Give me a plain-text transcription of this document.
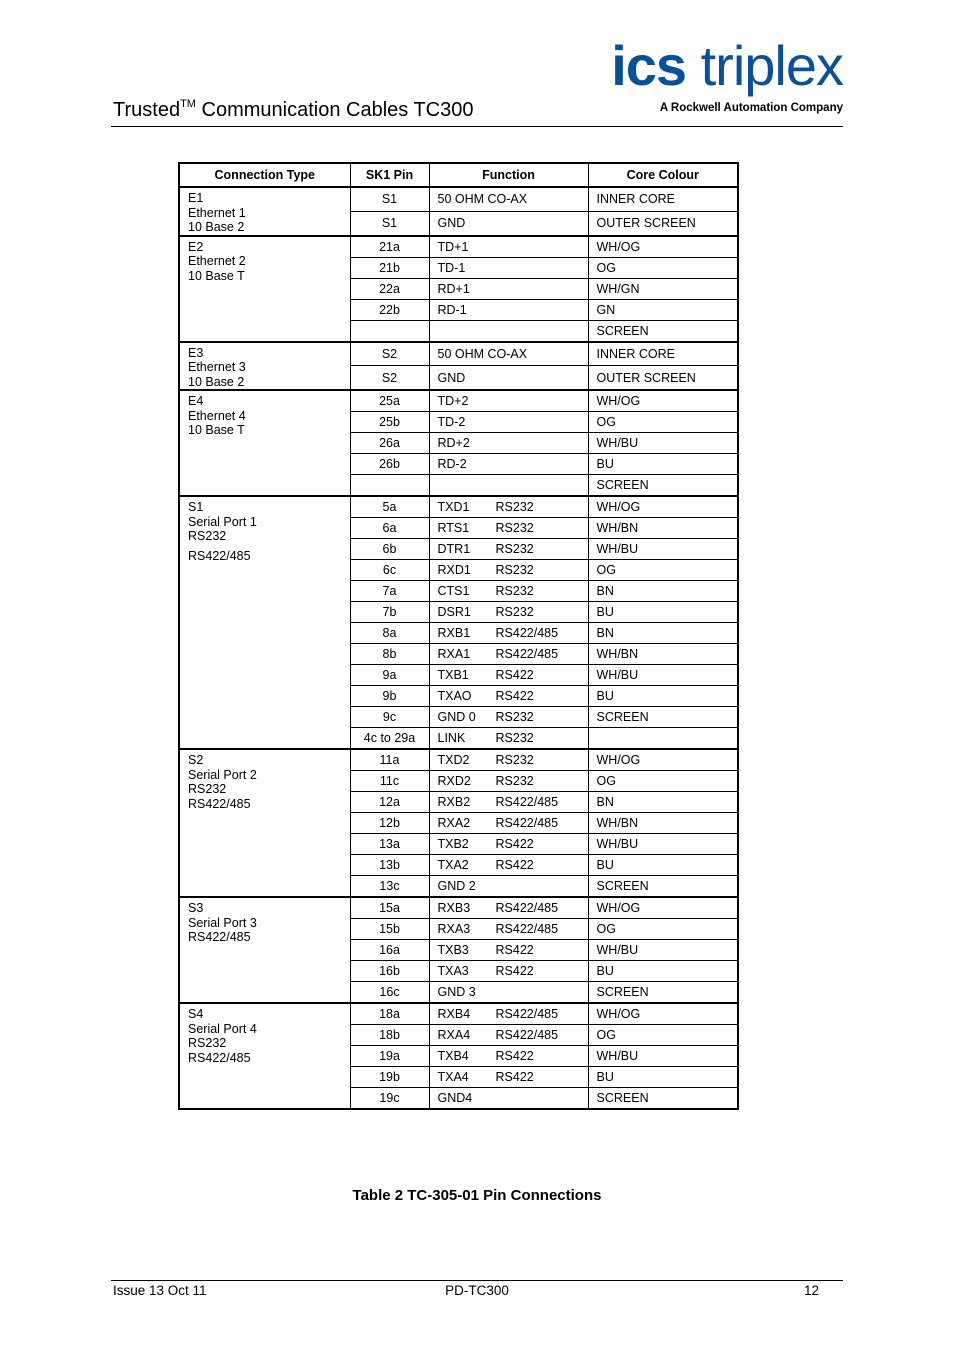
Trusted™ Communication Cables TC300
ics triplex
A Rockwell Automation Company
Connection Type	SK1 Pin	Function	Core Colour

E1
Ethernet 1
10 Base 2	S1	50 OHM CO-AX	INNER CORE
	S1	GND	OUTER SCREEN

E2
Ethernet 2
10 Base T	21a	TD+1	WH/OG
	21b	TD-1	OG
	22a	RD+1	WH/GN
	22b	RD-1	GN
			SCREEN

E3
Ethernet 3
10 Base 2	S2	50 OHM CO-AX	INNER CORE
	S2	GND	OUTER SCREEN

E4
Ethernet 4
10 Base T	25a	TD+2	WH/OG
	25b	TD-2	OG
	26a	RD+2	WH/BU
	26b	RD-2	BU
			SCREEN

S1
Serial Port 1
RS232
RS422/485	5a	TXD1 RS232	WH/OG
	6a	RTS1 RS232	WH/BN
	6b	DTR1 RS232	WH/BU
	6c	RXD1 RS232	OG
	7a	CTS1 RS232	BN
	7b	DSR1 RS232	BU
	8a	RXB1 RS422/485	BN
	8b	RXA1 RS422/485	WH/BN
	9a	TXB1 RS422	WH/BU
	9b	TXAO RS422	BU
	9c	GND 0 RS232	SCREEN
	4c to 29a	LINK RS232	

S2
Serial Port 2
RS232
RS422/485	11a	TXD2 RS232	WH/OG
	11c	RXD2 RS232	OG
	12a	RXB2 RS422/485	BN
	12b	RXA2 RS422/485	WH/BN
	13a	TXB2 RS422	WH/BU
	13b	TXA2 RS422	BU
	13c	GND 2	SCREEN

S3
Serial Port 3
RS422/485	15a	RXB3 RS422/485	WH/OG
	15b	RXA3 RS422/485	OG
	16a	TXB3 RS422	WH/BU
	16b	TXA3 RS422	BU
	16c	GND 3	SCREEN

S4
Serial Port 4
RS232
RS422/485	18a	RXB4 RS422/485	WH/OG
	18b	RXA4 RS422/485	OG
	19a	TXB4 RS422	WH/BU
	19b	TXA4 RS422	BU
	19c	GND4	SCREEN
Table 2 TC-305-01 Pin Connections
Issue 13 Oct 11	PD-TC300	12
